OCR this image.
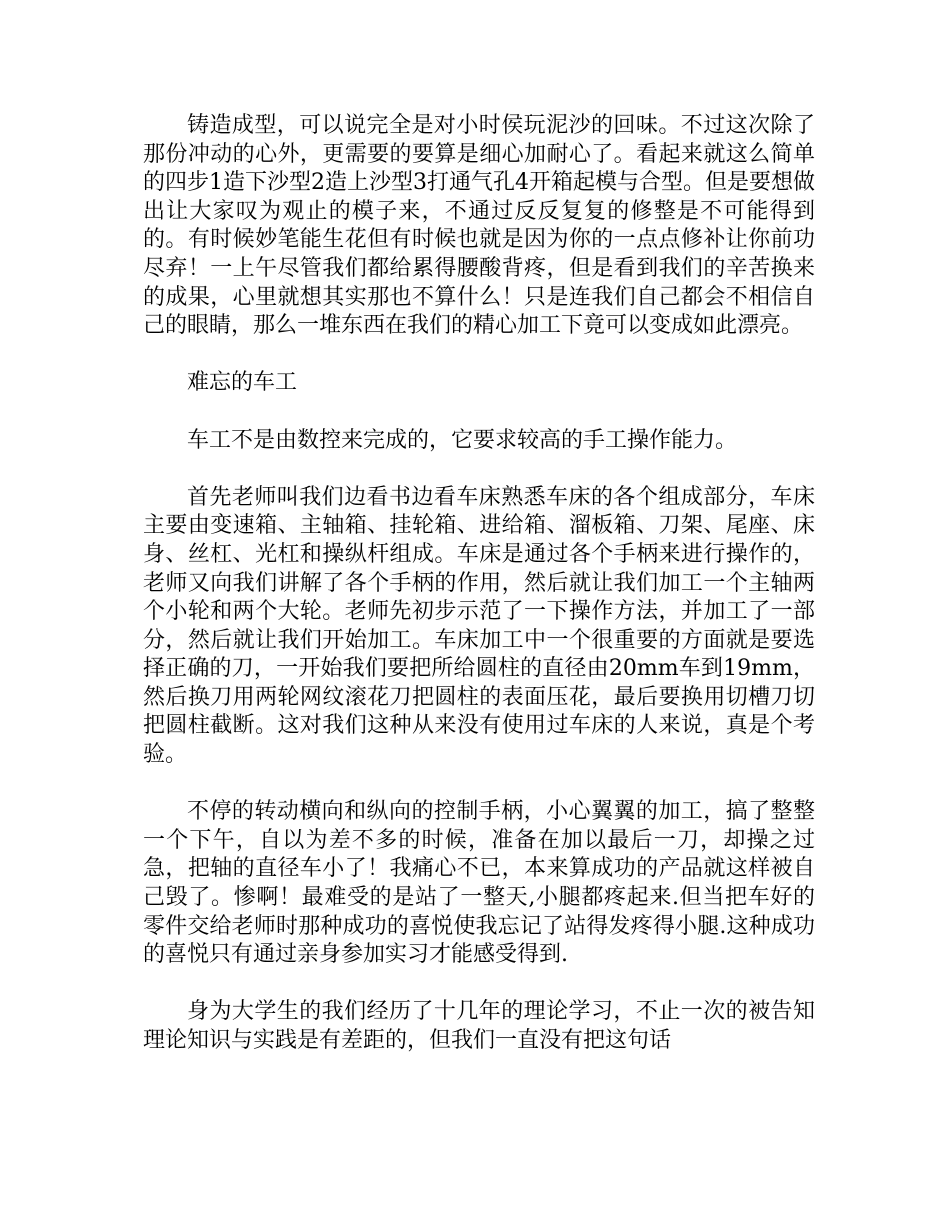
铸造成型，可以说完全是对小时侯玩泥沙的回味。不过这次除了那份冲动的心外，更需要的要算是细心加耐心了。看起来就这么简单的四步1造下沙型2造上沙型3打通气孔4开箱起模与合型。但是要想做出让大家叹为观止的模子来，不通过反反复复的修整是不可能得到的。有时候妙笔能生花但有时候也就是因为你的一点点修补让你前功尽弃！一上午尽管我们都给累得腰酸背疼，但是看到我们的辛苦换来的成果，心里就想其实那也不算什么！只是连我们自己都会不相信自己的眼睛，那么一堆东西在我们的精心加工下竟可以变成如此漂亮。

难忘的车工

车工不是由数控来完成的，它要求较高的手工操作能力。

首先老师叫我们边看书边看车床熟悉车床的各个组成部分，车床主要由变速箱、主轴箱、挂轮箱、进给箱、溜板箱、刀架、尾座、床身、丝杠、光杠和操纵杆组成。车床是通过各个手柄来进行操作的，老师又向我们讲解了各个手柄的作用，然后就让我们加工一个主轴两个小轮和两个大轮。老师先初步示范了一下操作方法，并加工了一部分，然后就让我们开始加工。车床加工中一个很重要的方面就是要选择正确的刀，一开始我们要把所给圆柱的直径由20mm车到19mm，然后换刀用两轮网纹滚花刀把圆柱的表面压花，最后要换用切槽刀切把圆柱截断。这对我们这种从来没有使用过车床的人来说，真是个考验。

不停的转动横向和纵向的控制手柄，小心翼翼的加工，搞了整整一个下午，自以为差不多的时候，准备在加以最后一刀，却操之过急，把轴的直径车小了！我痛心不已，本来算成功的产品就这样被自己毁了。惨啊！最难受的是站了一整天,小腿都疼起来.但当把车好的零件交给老师时那种成功的喜悦使我忘记了站得发疼得小腿.这种成功的喜悦只有通过亲身参加实习才能感受得到.

身为大学生的我们经历了十几年的理论学习，不止一次的被告知理论知识与实践是有差距的，但我们一直没有把这句话
